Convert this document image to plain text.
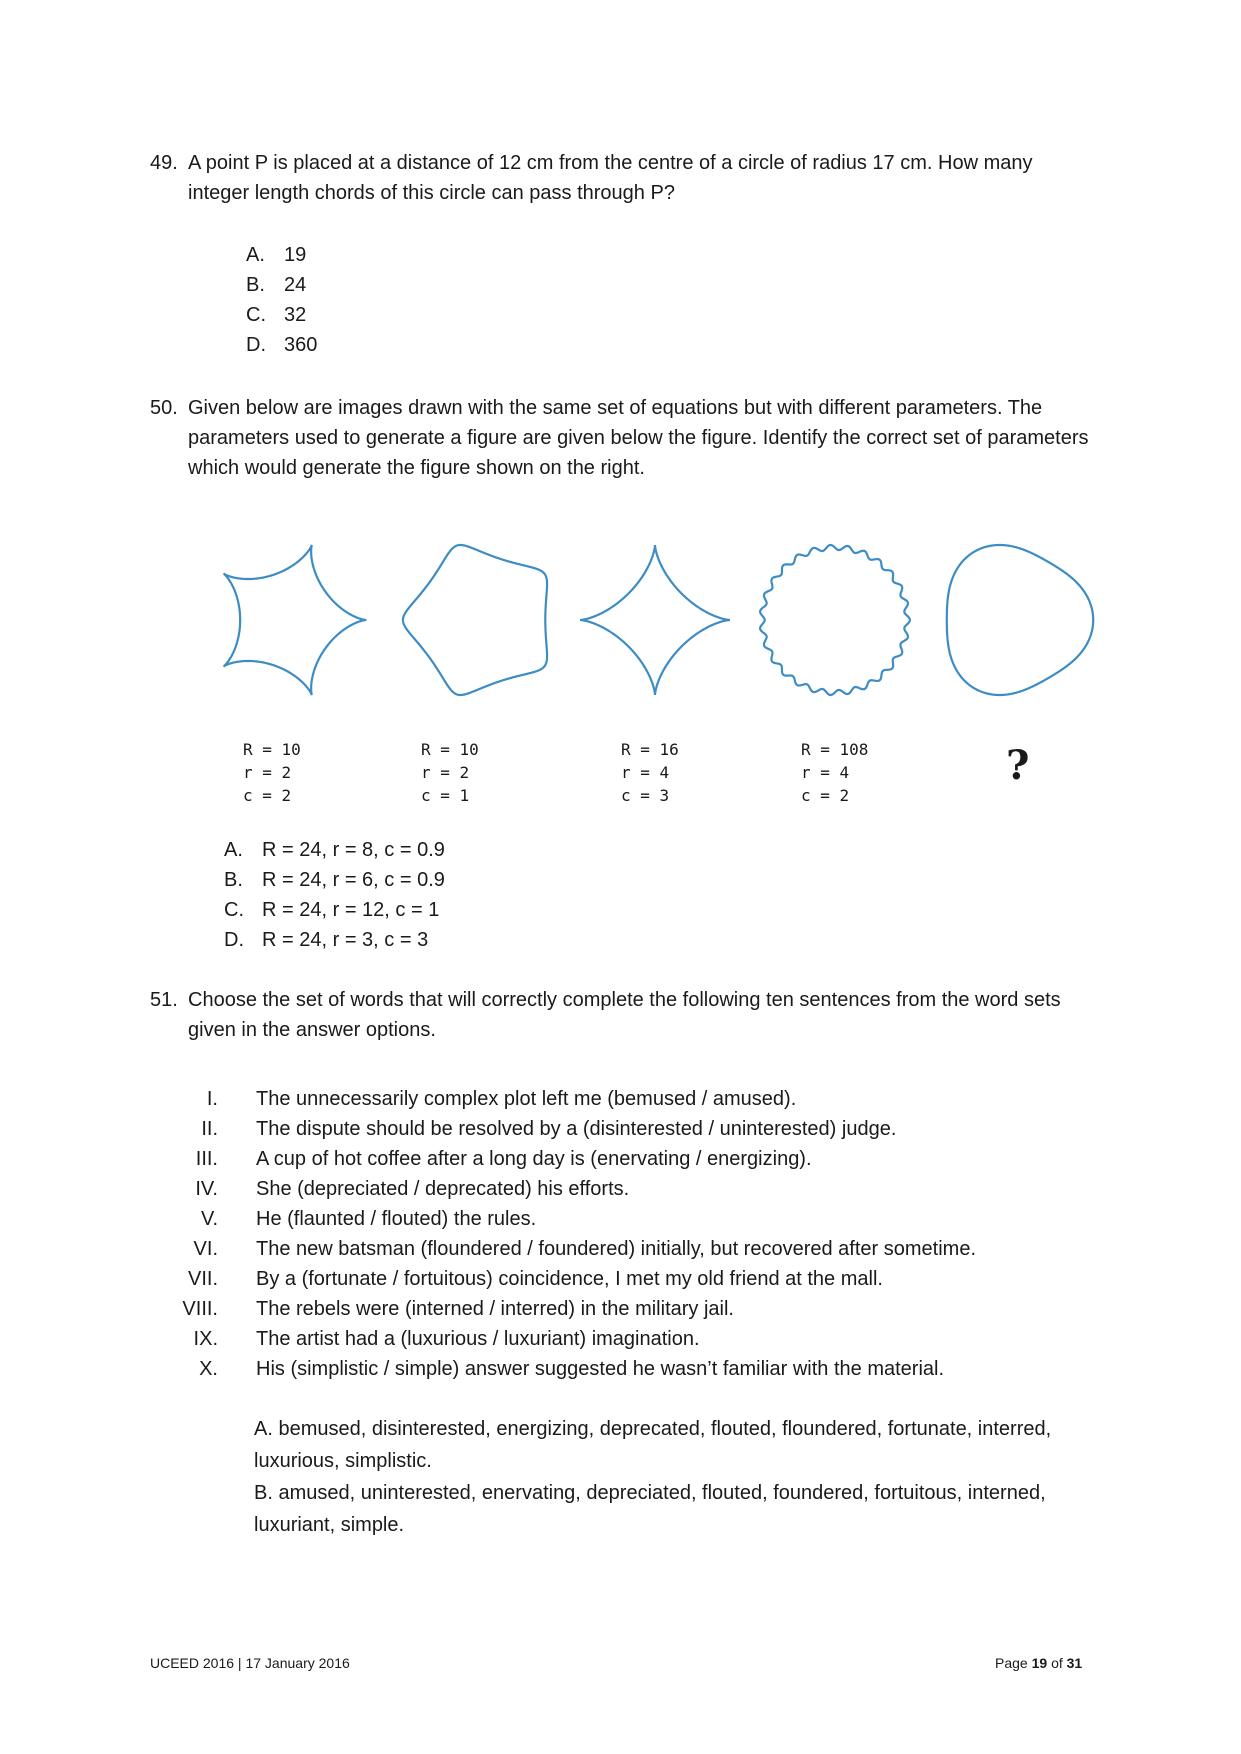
49. A point P is placed at a distance of 12 cm from the centre of a circle of radius 17 cm. How many integer length chords of this circle can pass through P?
A. 19
B. 24
C. 32
D. 360
50. Given below are images drawn with the same set of equations but with different parameters. The parameters used to generate a figure are given below the figure. Identify the correct set of parameters which would generate the figure shown on the right.
R = 10
r = 2
c = 2
R = 10
r = 2
c = 1
R = 16
r = 4
c = 3
R = 108
r = 4
c = 2
?
A. R = 24, r = 8, c = 0.9
B. R = 24, r = 6, c = 0.9
C. R = 24, r = 12, c = 1
D. R = 24, r = 3, c = 3
51. Choose the set of words that will correctly complete the following ten sentences from the word sets given in the answer options.
I.	The unnecessarily complex plot left me (bemused / amused).
II.	The dispute should be resolved by a (disinterested / uninterested) judge.
III.	A cup of hot coffee after a long day is (enervating / energizing).
IV.	She (depreciated / deprecated) his efforts.
V.	He (flaunted / flouted) the rules.
VI.	The new batsman (floundered / foundered) initially, but recovered after sometime.
VII.	By a (fortunate / fortuitous) coincidence, I met my old friend at the mall.
VIII.	The rebels were (interned / interred) in the military jail.
IX.	The artist had a (luxurious / luxuriant) imagination.
X.	His (simplistic / simple) answer suggested he wasn’t familiar with the material.
A. bemused, disinterested, energizing, deprecated, flouted, floundered, fortunate, interred, luxurious, simplistic.
B. amused, uninterested, enervating, depreciated, flouted, foundered, fortuitous, interned, luxuriant, simple.
UCEED 2016 | 17 January 2016	Page 19 of 31
